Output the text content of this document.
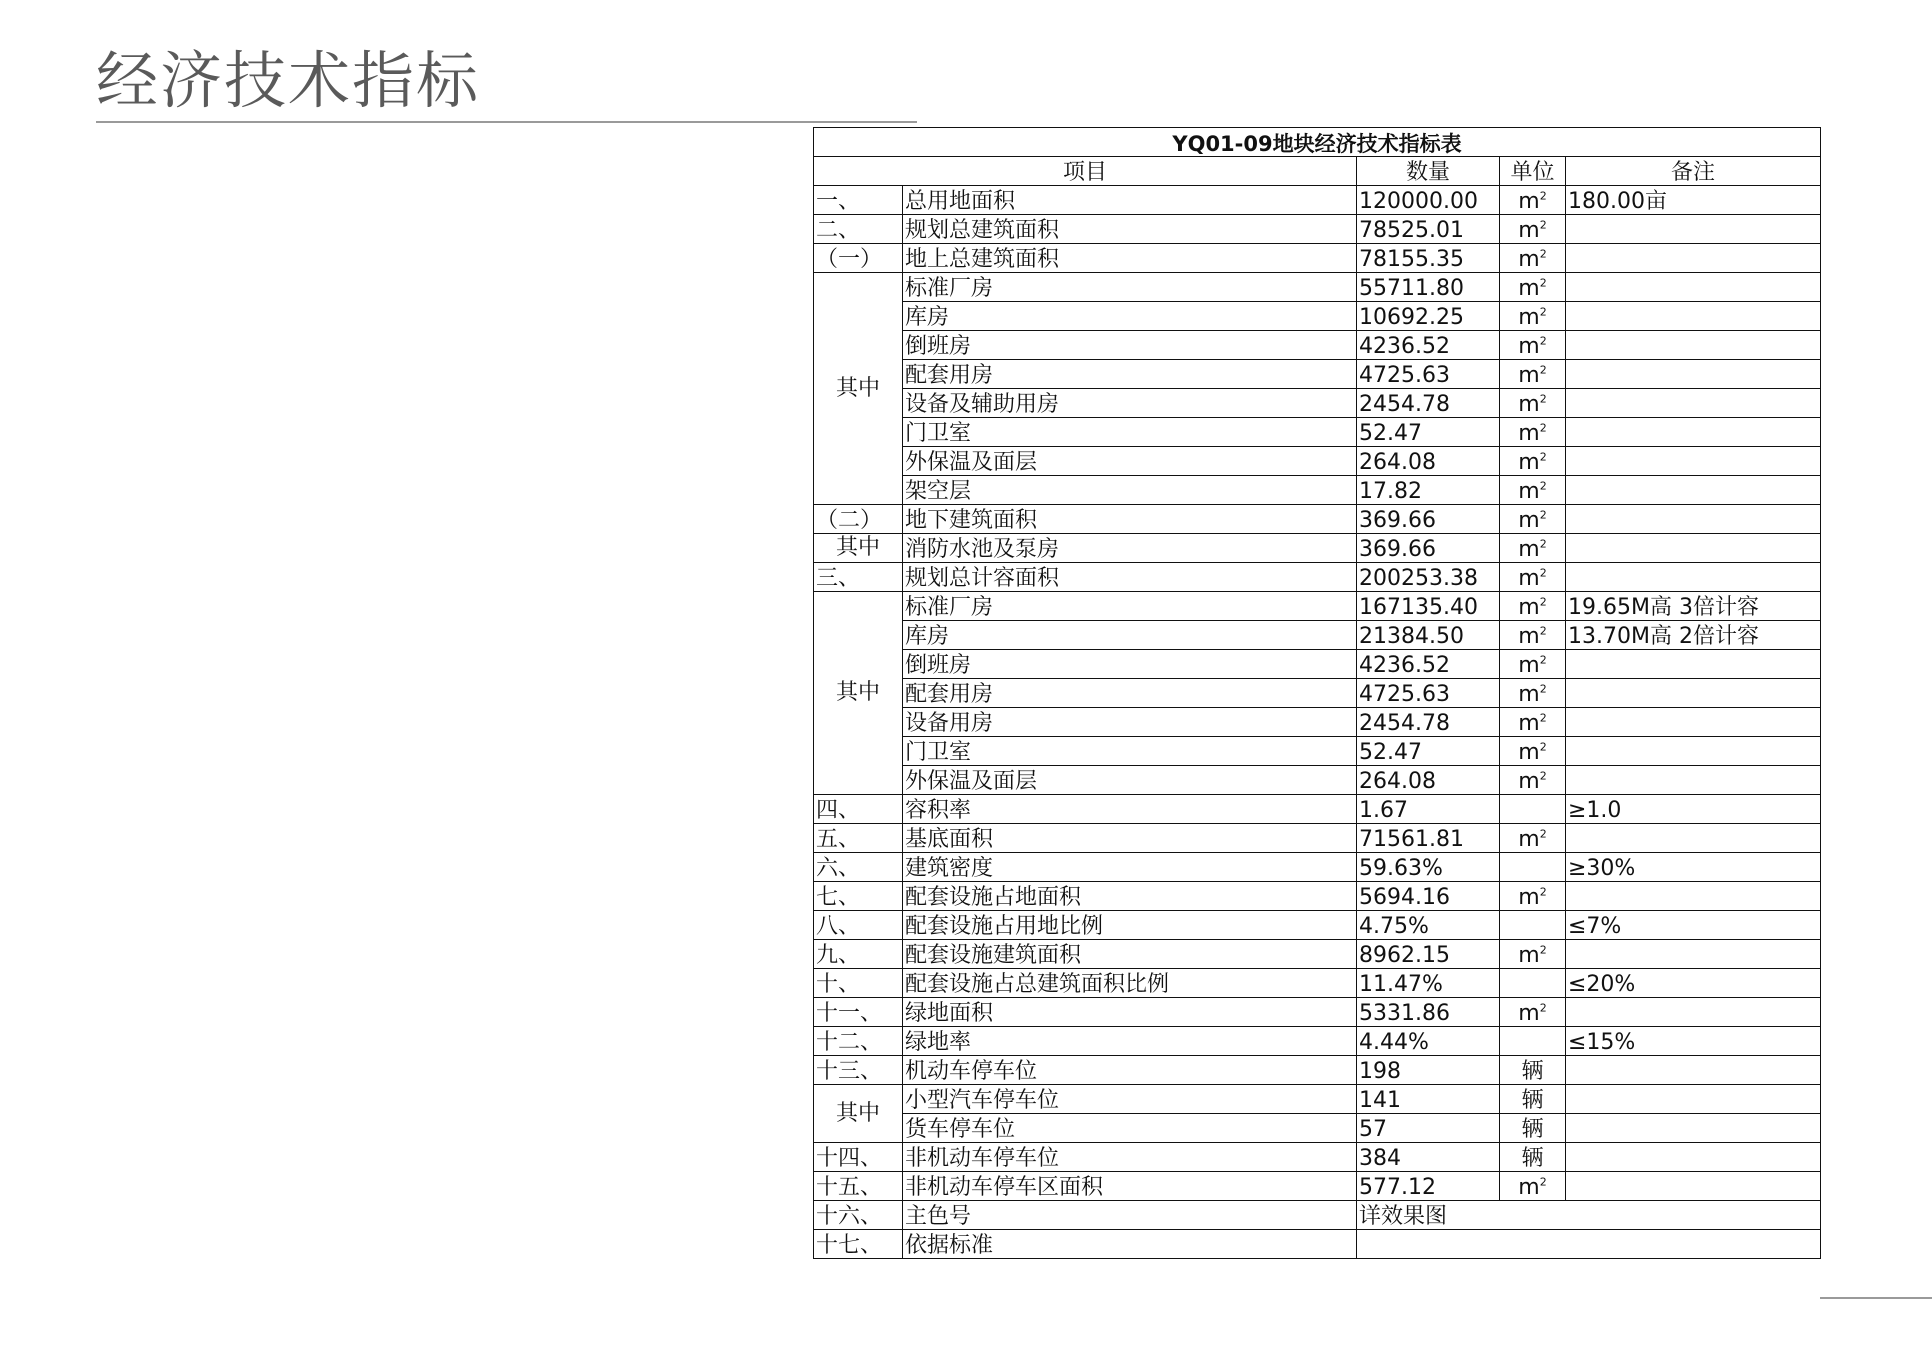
经济技术指标
YQ01-09地块经济技术指标表				
项目		数量	单位	备注
一、	总用地面积	120000.00	$m^2$	180.00亩
二、	规划总建筑面积	78525.01	$m^2$	
（一）	地上总建筑面积	78155.35	$m^2$	
其中	标准厂房	55711.80	$m^2$	
	库房	10692.25	$m^2$	
	倒班房	4236.52	$m^2$	
	配套用房	4725.63	$m^2$	
	设备及辅助用房	2454.78	$m^2$	
	门卫室	52.47	$m^2$	
	外保温及面层	264.08	$m^2$	
	架空层	17.82	$m^2$	
（二）	地下建筑面积	369.66	$m^2$	
其中	消防水池及泵房	369.66	$m^2$	
三、	规划总计容面积	200253.38	$m^2$	
其中	标准厂房	167135.40	$m^2$	19.65M高 3倍计容
	库房	21384.50	$m^2$	13.70M高 2倍计容
	倒班房	4236.52	$m^2$	
	配套用房	4725.63	$m^2$	
	设备用房	2454.78	$m^2$	
	门卫室	52.47	$m^2$	
	外保温及面层	264.08	$m^2$	
四、	容积率	1.67		≥1.0
五、	基底面积	71561.81	$m^2$	
六、	建筑密度	59.63%		≥30%
七、	配套设施占地面积	5694.16	$m^2$	
八、	配套设施占用地比例	4.75%		≤7%
九、	配套设施建筑面积	8962.15	$m^2$	
十、	配套设施占总建筑面积比例	11.47%		≤20%
十一、	绿地面积	5331.86	$m^2$	
十二、	绿地率	4.44%		≤15%
十三、	机动车停车位	198	辆	
其中	小型汽车停车位	141	辆	
	货车停车位	57	辆	
十四、	非机动车停车位	384	辆	
十五、	非机动车停车区面积	577.12	$m^2$	
十六、	主色号	详效果图		
十七、	依据标准			
